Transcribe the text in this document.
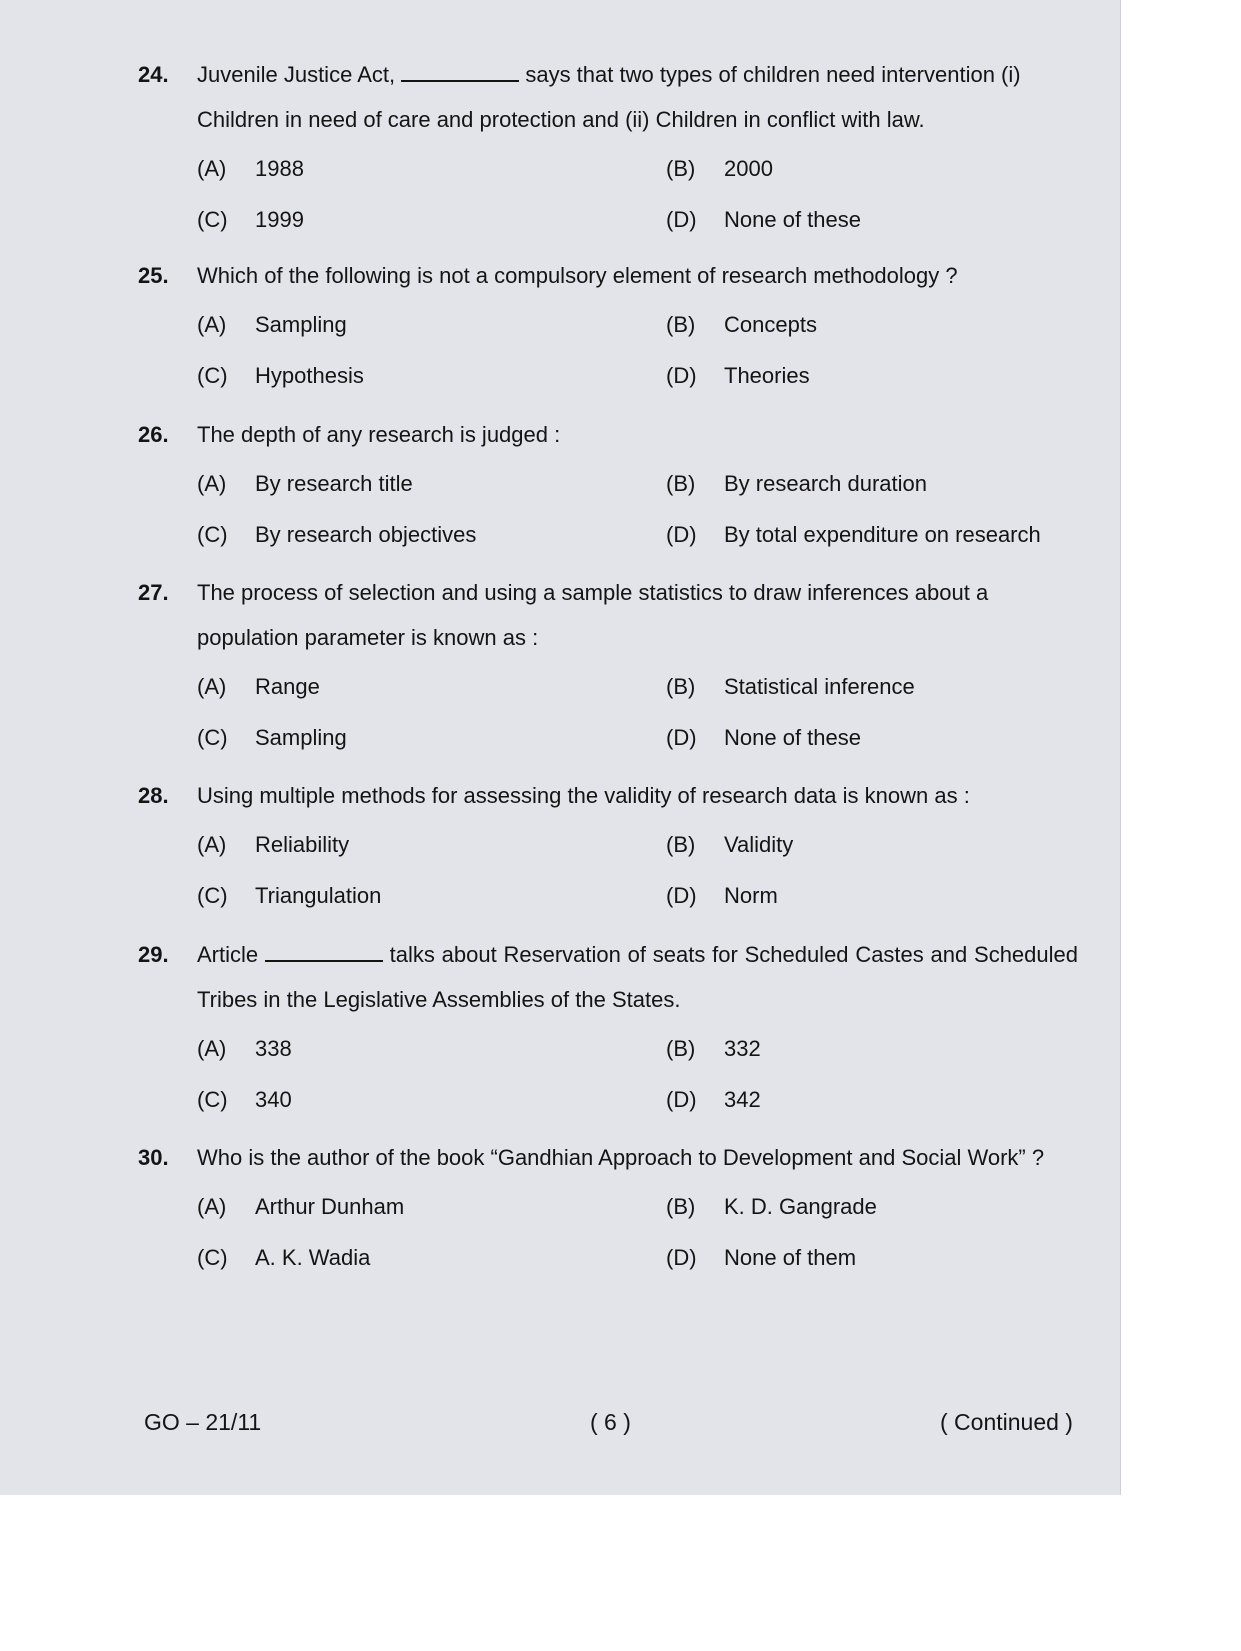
24. Juvenile Justice Act,	says that two types of children need intervention (i) Children in need of care and protection and (ii) Children in conflict with law.
(A) 1988	(B) 2000
(C) 1999	(D) None of these
25. Which of the following is not a compulsory element of research methodology ?
(A) Sampling	(B) Concepts
(C) Hypothesis	(D) Theories
26. The depth of any research is judged :
(A) By research title	(B) By research duration
(C) By research objectives	(D) By total expenditure on research
27. The process of selection and using a sample statistics to draw inferences about a population parameter is known as :
(A) Range	(B) Statistical inference
(C) Sampling	(D) None of these
28. Using multiple methods for assessing the validity of research data is known as :
(A) Reliability	(B) Validity
(C) Triangulation	(D) Norm
29. Article	talks about Reservation of seats for Scheduled Castes and Scheduled Tribes in the Legislative Assemblies of the States.
(A) 338	(B) 332
(C) 340	(D) 342
30. Who is the author of the book “Gandhian Approach to Development and Social Work” ?
(A) Arthur Dunham	(B) K. D. Gangrade
(C) A. K. Wadia	(D) None of them
GO – 21/11	( 6 )	( Continued )
